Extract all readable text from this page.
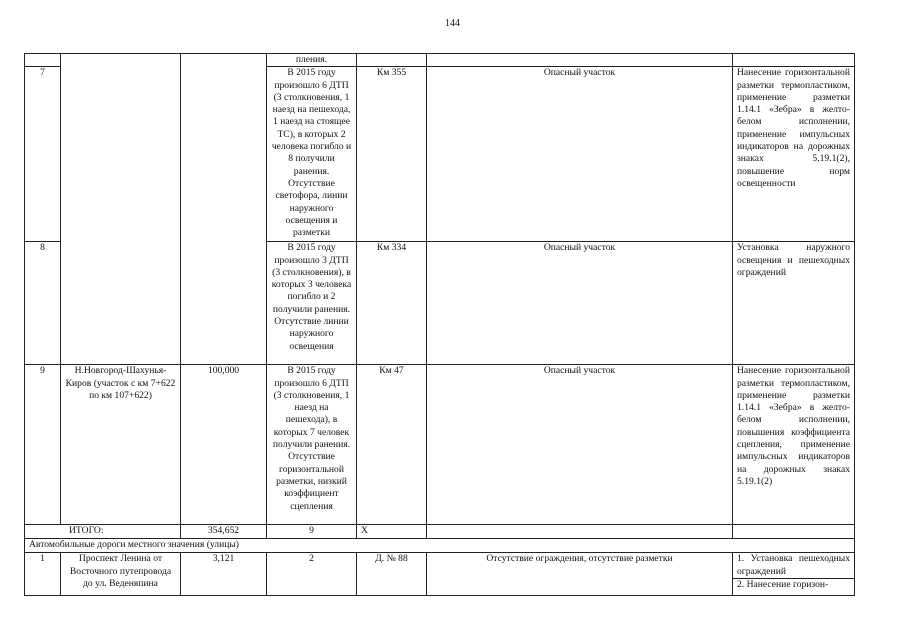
144
			пления.			
7			В 2015 году произошло 6 ДТП (3 столкновения, 1 наезд на пешехода, 1 наезд на стоящее ТС), в которых 2 человека погибло и 8 получили ранения. Отсутствие светофора, линии наружного освещения и разметки	Км 355	Опасный участок	Нанесение горизонтальной разметки термопластиком, применение разметки 1.14.1 «Зебра» в желто-белом исполнении, применение импульсных индикаторов на дорожных знаках 5.19.1(2), повышение норм освещенности
8			В 2015 году произошло 3 ДТП (3 столкновения), в которых 3 человека погибло и 2 получили ранения. Отсутствие линии наружного освещения	Км 334	Опасный участок	Установка наружного освещения и пешеходных ограждений
9	Н.Новгород-Шахунья-Киров (участок с км 7+622 по км 107+622)	100,000	В 2015 году произошло 6 ДТП (3 столкновения, 1 наезд на пешехода), в которых 7 человек получили ранения. Отсутствие горизонтальной разметки, низкий коэффициент сцепления	Км 47	Опасный участок	Нанесение горизонтальной разметки термопластиком, применение разметки 1.14.1 «Зебра» в желто-белом исполнении, повышения коэффициента сцепления, применение импульсных индикаторов на дорожных знаках 5.19.1(2)
ИТОГО:		354,652	9	Х		
Автомобильные дороги местного значения (улицы)						
1	Проспект Ленина от Восточного путепровода до ул. Веденяпина	3,121	2	Д. № 88	Отсутствие ограждения, отсутствие разметки	1. Установка пешеходных ограждений
2. Нанесение горизон-
